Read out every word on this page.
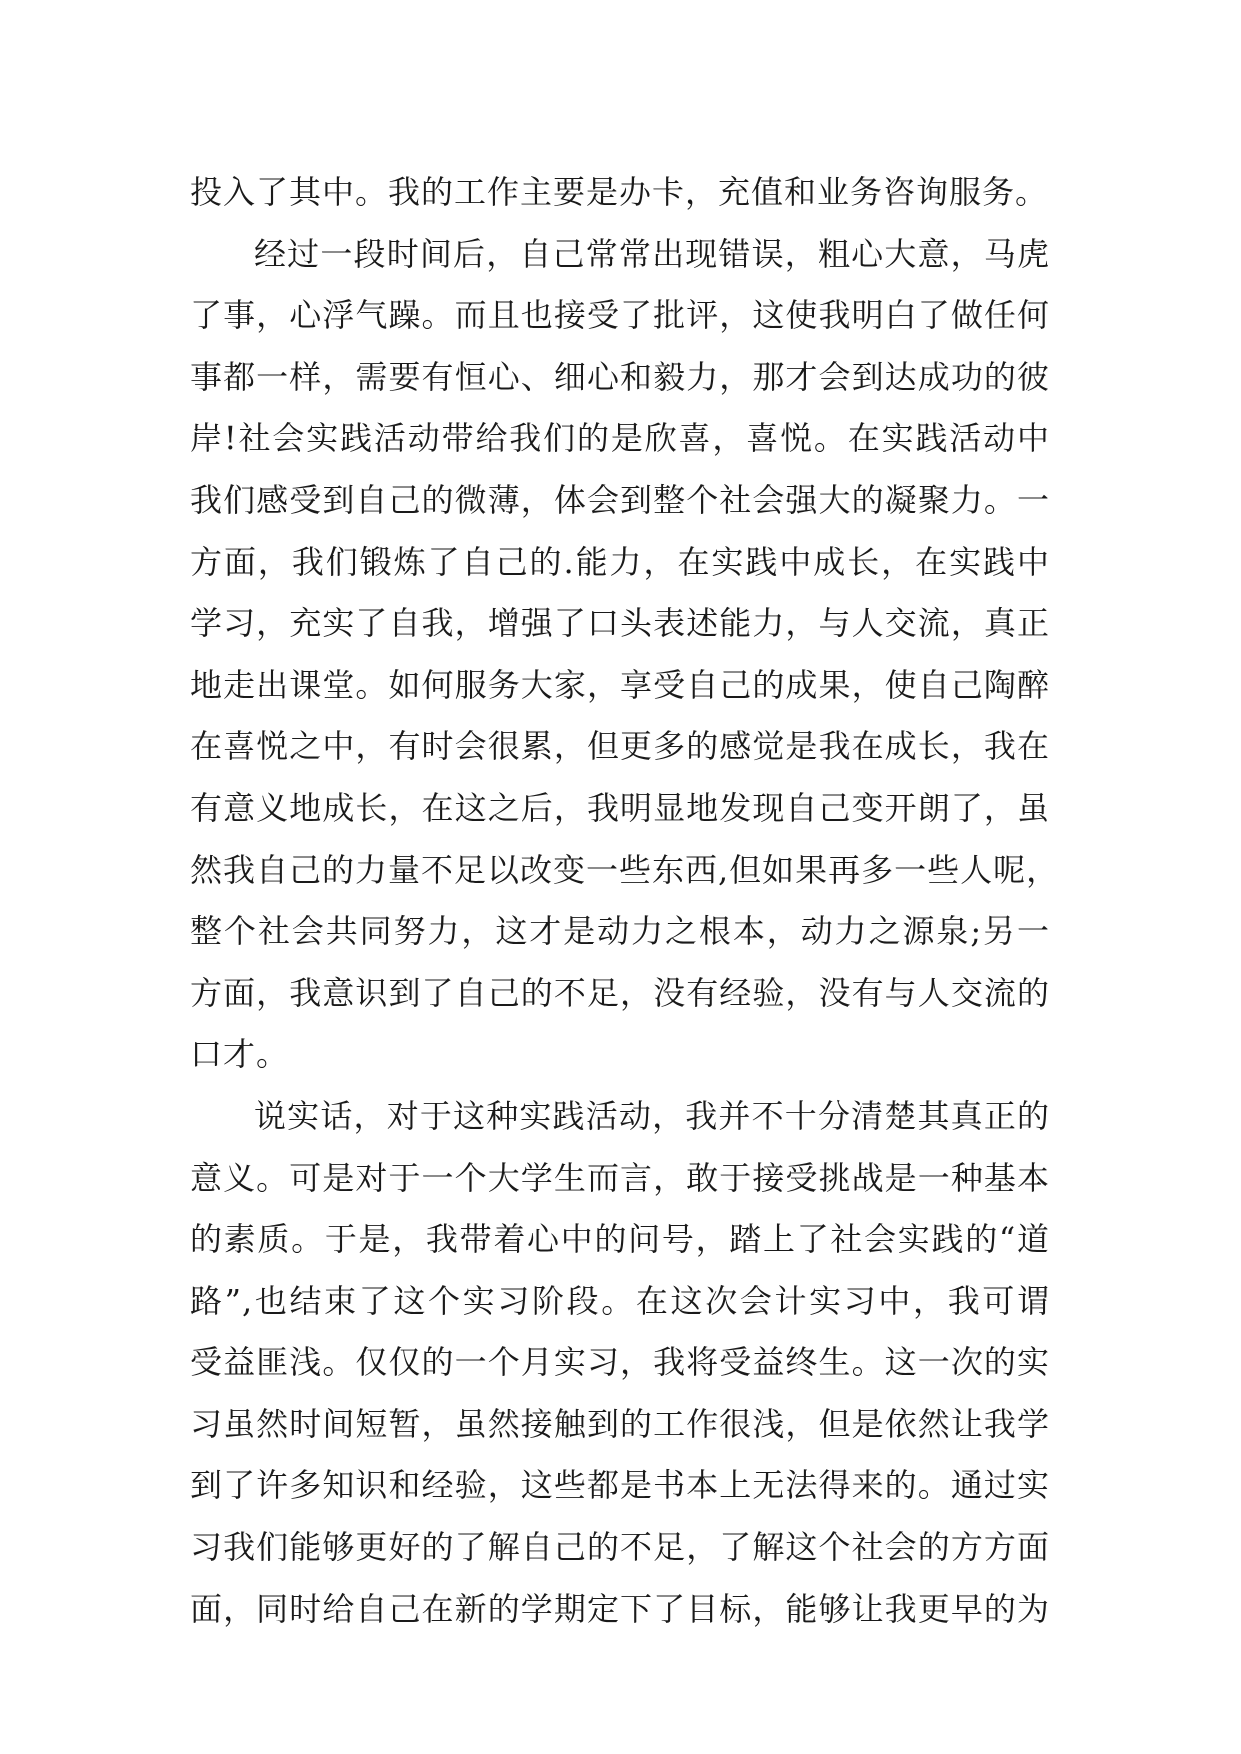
投入了其中。我的工作主要是办卡，充值和业务咨询服务。
经过一段时间后，自己常常出现错误，粗心大意，马虎
了事，心浮气躁。而且也接受了批评，这使我明白了做任何
事都一样，需要有恒心、细心和毅力，那才会到达成功的彼
岸!社会实践活动带给我们的是欣喜，喜悦。在实践活动中
我们感受到自己的微薄，体会到整个社会强大的凝聚力。一
方面，我们锻炼了自己的.能力，在实践中成长，在实践中
学习，充实了自我，增强了口头表述能力，与人交流，真正
地走出课堂。如何服务大家，享受自己的成果，使自己陶醉
在喜悦之中，有时会很累，但更多的感觉是我在成长，我在
有意义地成长，在这之后，我明显地发现自己变开朗了，虽
然我自己的力量不足以改变一些东西,但如果再多一些人呢，
整个社会共同努力，这才是动力之根本，动力之源泉;另一
方面，我意识到了自己的不足，没有经验，没有与人交流的
口才。
说实话，对于这种实践活动，我并不十分清楚其真正的
意义。可是对于一个大学生而言，敢于接受挑战是一种基本
的素质。于是，我带着心中的问号，踏上了社会实践的“道
路”,也结束了这个实习阶段。在这次会计实习中，我可谓
受益匪浅。仅仅的一个月实习，我将受益终生。这一次的实
习虽然时间短暂，虽然接触到的工作很浅，但是依然让我学
到了许多知识和经验，这些都是书本上无法得来的。通过实
习我们能够更好的了解自己的不足，了解这个社会的方方面
面，同时给自己在新的学期定下了目标，能够让我更早的为
